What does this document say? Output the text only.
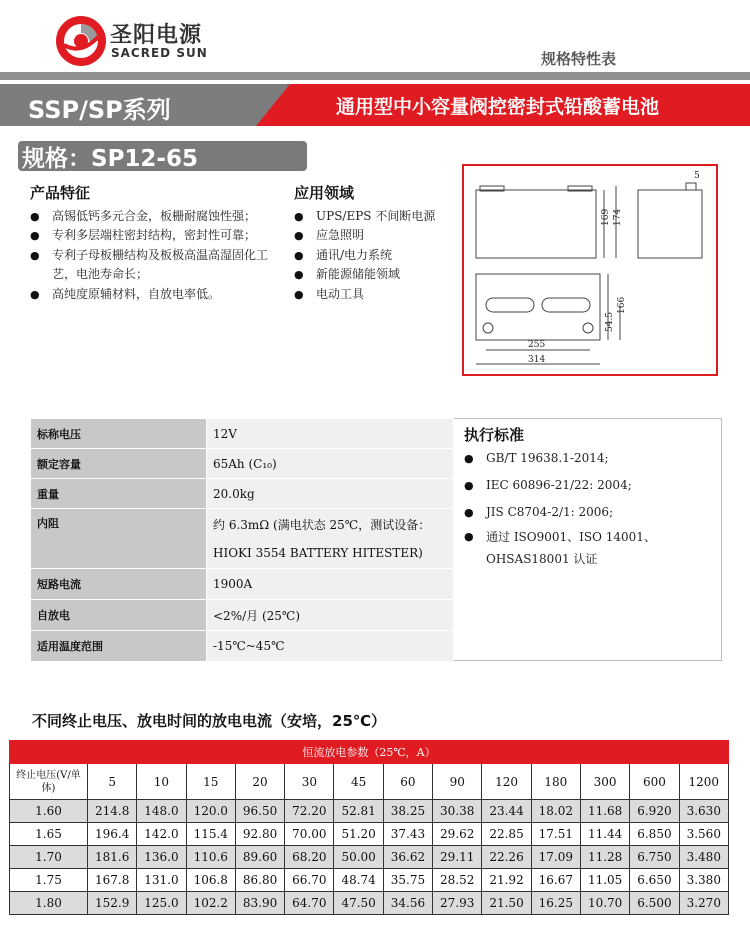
圣阳电源
SACRED SUN	规格特性表
SSP/SP系列	通用型中小容量阀控密封式铅酸蓄电池
规格：SP12-65
产品特征
● 高锡低钙多元合金，板栅耐腐蚀性强；
● 专利多层端柱密封结构，密封性可靠；
● 专利子母板栅结构及板极高温高湿固化工艺，电池寿命长；
● 高纯度原辅材料，自放电率低。
应用领域
● UPS/EPS 不间断电源
● 应急照明
● 通讯/电力系统
● 新能源储能领域
● 电动工具
169 174
5
166
54.5
255
314
标称电压	12V
额定容量	65Ah (C₁₀)
重量	20.0kg
内阻	约 6.3mΩ (满电状态 25℃，测试设备：
HIOKI 3554 BATTERY HITESTER)

短路电流	1900A
自放电	<2%/月 (25℃)
适用温度范围	-15℃~45℃
执行标准
● GB/T 19638.1-2014;
● IEC 60896-21/22: 2004;
● JIS C8704-2/1: 2006;
● 通过 ISO9001、ISO 14001、OHSAS18001 认证
不同终止电压、放电时间的放电电流（安培，25℃）
恒流放电参数（25℃，A）													
终止电压(V/单体)	5	10	15	20	30	45	60	90	120	180	300	600	1200
1.60	214.8	148.0	120.0	96.50	72.20	52.81	38.25	30.38	23.44	18.02	11.68	6.920	3.630
1.65	196.4	142.0	115.4	92.80	70.00	51.20	37.43	29.62	22.85	17.51	11.44	6.850	3.560
1.70	181.6	136.0	110.6	89.60	68.20	50.00	36.62	29.11	22.26	17.09	11.28	6.750	3.480
1.75	167.8	131.0	106.8	86.80	66.70	48.74	35.75	28.52	21.92	16.67	11.05	6.650	3.380
1.80	152.9	125.0	102.2	83.90	64.70	47.50	34.56	27.93	21.50	16.25	10.70	6.500	3.270
